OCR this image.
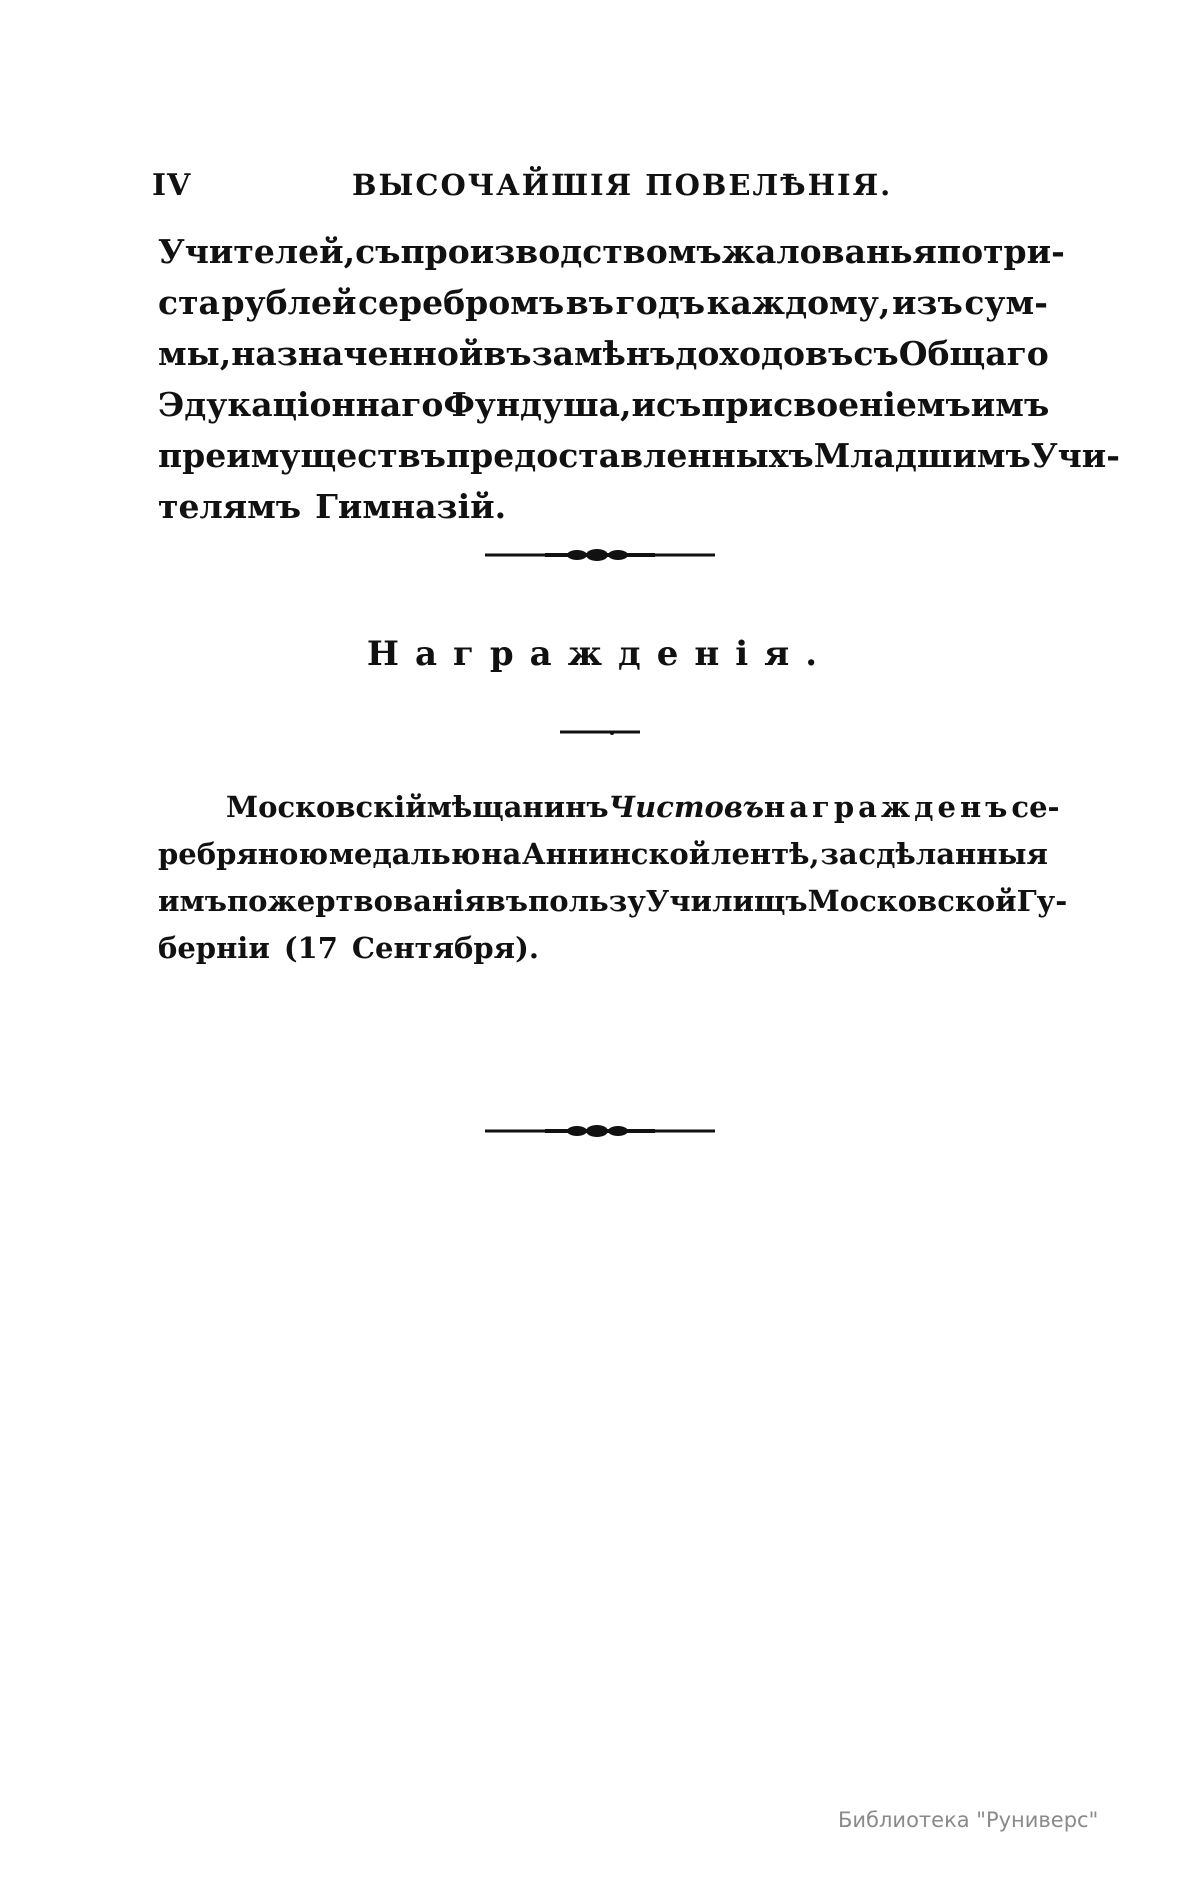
IV	ВЫСОЧАЙШІЯ ПОВЕЛѢНІЯ.
Учителей, съ производствомъ жалованья по три-
ста рублей серебромъ въ годъ каждому, изъ сум-
мы, назначенной въ замѣнъ доходовъ съ Общаго
Эдукаціоннаго Фундуша, и съ присвоеніемъ имъ
преимуществъ предоставленныхъ Младшимъ Учи-
телямъ Гимназій.
Награжденія.
Московскій мѣщанинъ Чистовъ награжденъ се-
ребряною медалью на Аннинской лентѣ, за сдѣланныя
имъ пожертвованія въ пользу Училищъ Московской Гу-
берніи (17 Сентября).
Библиотека "Руниверс"
